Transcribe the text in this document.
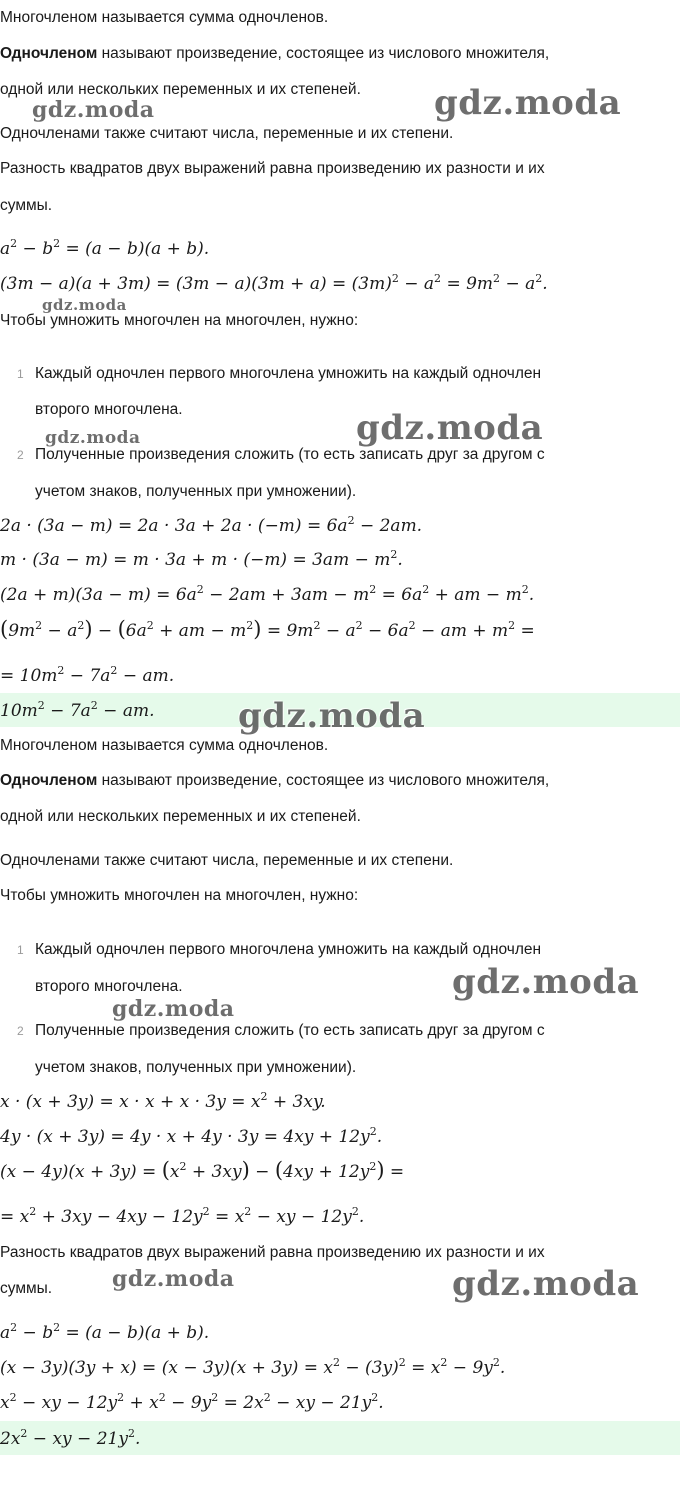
Многочленом называется сумма одночленов.
Одночленом называют произведение, состоящее из числового множителя,
одной или нескольких переменных и их степеней.
Одночленами также считают числа, переменные и их степени.
Разность квадратов двух выражений равна произведению их разности и их
суммы.
$a^2 - b^2 = (a - b)(a + b)$.
$(3m - a)(a + 3m) = (3m - a)(3m + a) = (3m)^2 - a^2 = 9m^2 - a^2$.
Чтобы умножить многочлен на многочлен, нужно:
1 Каждый одночлен первого многочлена умножить на каждый одночлен
второго многочлена.
2 Полученные произведения сложить (то есть записать друг за другом с
учетом знаков, полученных при умножении).
$2a \cdot (3a - m) = 2a \cdot 3a + 2a \cdot (-m) = 6a^2 - 2am$.
$m \cdot (3a - m) = m \cdot 3a + m \cdot (-m) = 3am - m^2$.
$(2a + m)(3a - m) = 6a^2 - 2am + 3am - m^2 = 6a^2$ + am − $m^2$.
$(9m^2 - a^2) - (6a^2$ + am − $m^2) = 9m^2 - a^2 - 6a^2$ − am + $m^2$ =
= $10m^2 - 7a^2$ − am.
$10m^2 - 7a^2$ − am.
Многочленом называется сумма одночленов.
Одночленом называют произведение, состоящее из числового множителя,
одной или нескольких переменных и их степеней.
Одночленами также считают числа, переменные и их степени.
Чтобы умножить многочлен на многочлен, нужно:
1 Каждый одночлен первого многочлена умножить на каждый одночлен
второго многочлена.
2 Полученные произведения сложить (то есть записать друг за другом с
учетом знаков, полученных при умножении).
$x \cdot (x + 3y) = x \cdot x + x \cdot 3y = x^2 + 3xy$.
$4y \cdot (x + 3y) = 4y \cdot x + 4y \cdot 3y = 4xy + 12y^2$.
$(x - 4y)(x + 3y) = (x^2 + 3xy) - (4xy + 12y^2)$ =
= $x^2 + 3xy - 4xy - 12y^2 = x^2$ − xy − $12y^2$.
Разность квадратов двух выражений равна произведению их разности и их
суммы.
$a^2 - b^2 = (a - b)(a + b)$.
$(x - 3y)(3y + x) = (x - 3y)(x + 3y) = x^2 - (3y)^2 = x^2 - 9y^2$.
$x^2$ − xy − $12y^2 + x^2 - 9y^2 = 2x^2$ − xy − $21y^2$.
$2x^2$ − xy − $21y^2$.
gdz.moda	gdz.moda
gdz.moda
gdz.moda	gdz.moda
gdz.moda
gdz.moda
gdz.moda
gdz.moda	gdz.moda
